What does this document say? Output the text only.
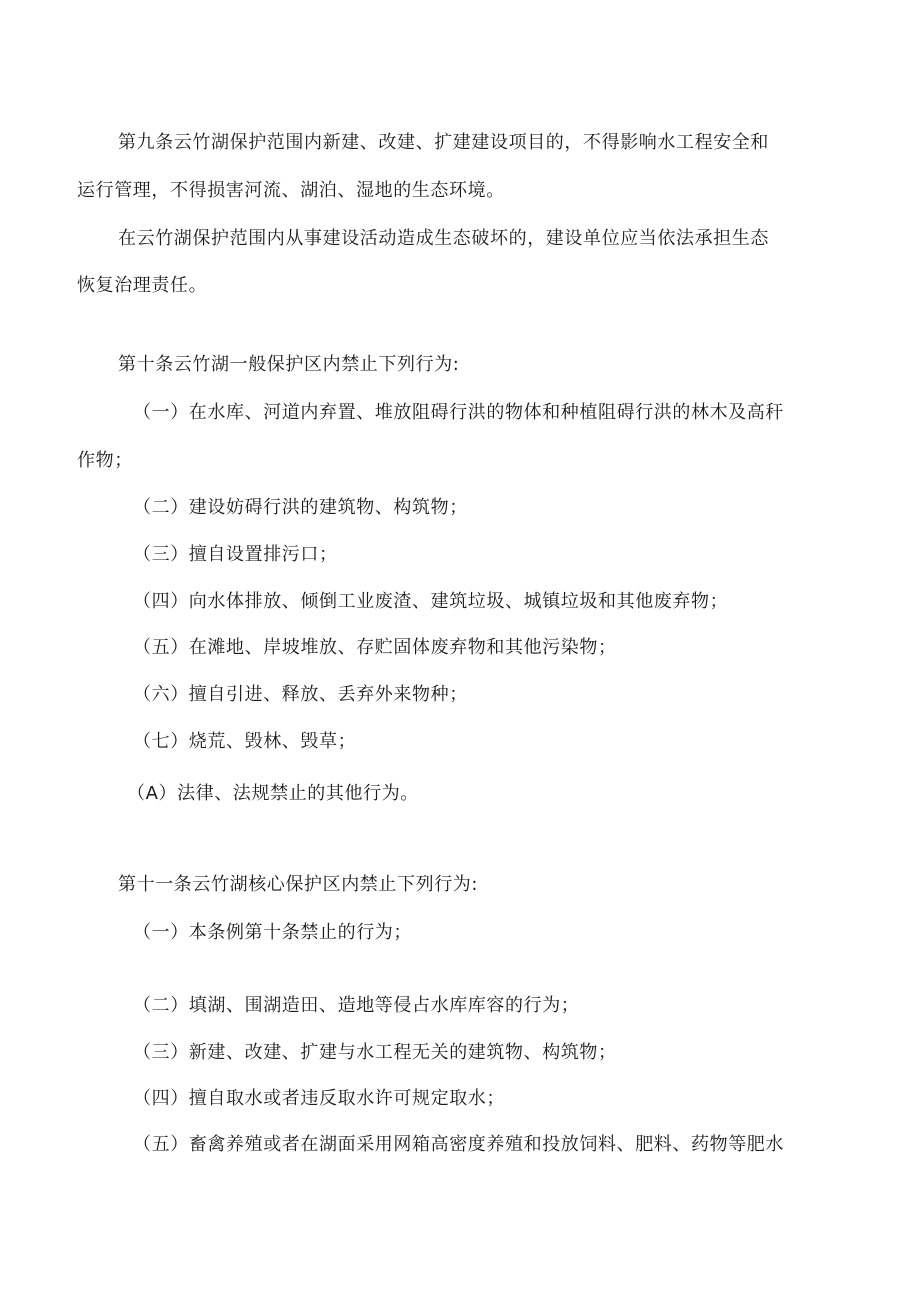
第九条云竹湖保护范围内新建、改建、扩建建设项目的，不得影响水工程安全和
运行管理，不得损害河流、湖泊、湿地的生态环境。
在云竹湖保护范围内从事建设活动造成生态破坏的，建设单位应当依法承担生态
恢复治理责任。
第十条云竹湖一般保护区内禁止下列行为:
（一）在水库、河道内弃置、堆放阻碍行洪的物体和种植阻碍行洪的林木及高秆
作物；
（二）建设妨碍行洪的建筑物、构筑物；
（三）擅自设置排污口；
（四）向水体排放、倾倒工业废渣、建筑垃圾、城镇垃圾和其他废弃物；
（五）在滩地、岸坡堆放、存贮固体废弃物和其他污染物；
（六）擅自引进、释放、丢弃外来物种；
（七）烧荒、毁林、毁草；
（A）法律、法规禁止的其他行为。
第十一条云竹湖核心保护区内禁止下列行为:
（一）本条例第十条禁止的行为；
（二）填湖、围湖造田、造地等侵占水库库容的行为；
（三）新建、改建、扩建与水工程无关的建筑物、构筑物；
（四）擅自取水或者违反取水许可规定取水；
（五）畜禽养殖或者在湖面采用网箱高密度养殖和投放饲料、肥料、药物等肥水
